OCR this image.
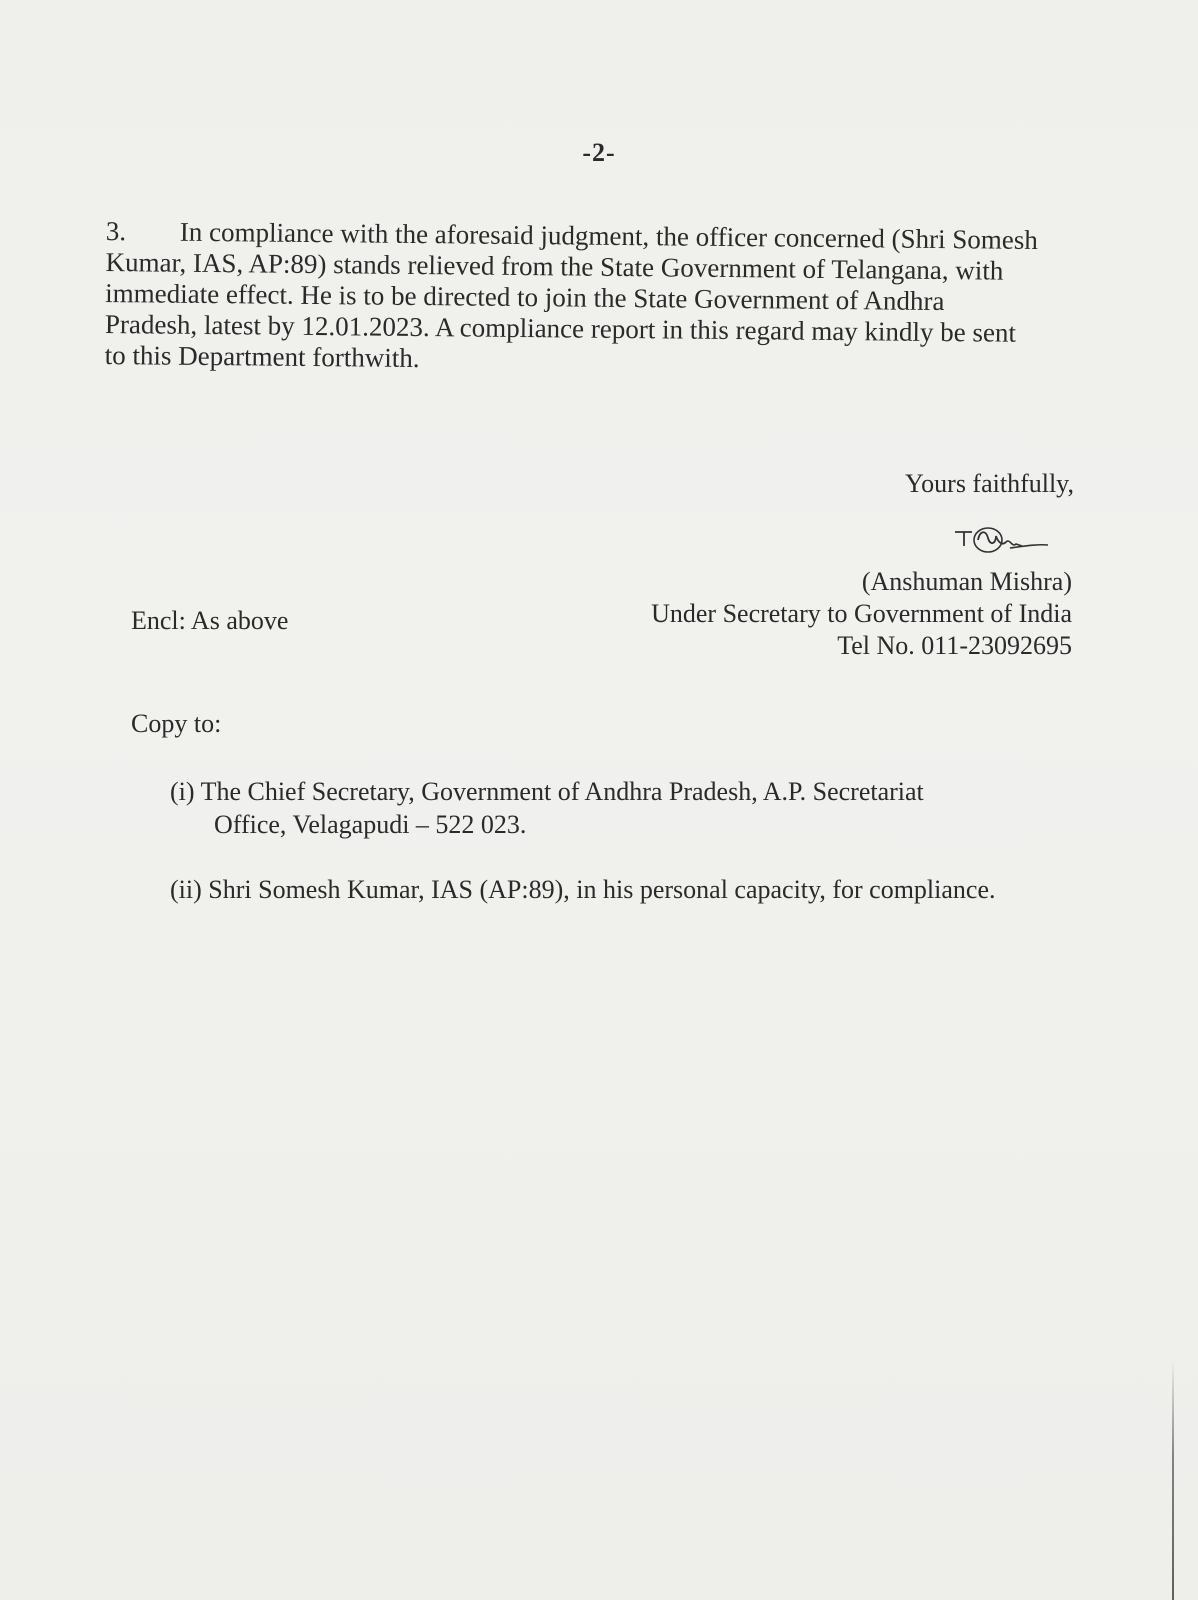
-2-
3. In compliance with the aforesaid judgment, the officer concerned (Shri Somesh
Kumar, IAS, AP:89) stands relieved from the State Government of Telangana, with
immediate effect. He is to be directed to join the State Government of Andhra
Pradesh, latest by 12.01.2023. A compliance report in this regard may kindly be sent
to this Department forthwith.
Yours faithfully,
(Anshuman Mishra)
Under Secretary to Government of India
Tel No. 011-23092695
Encl: As above
Copy to:
(i) The Chief Secretary, Government of Andhra Pradesh, A.P. Secretariat
Office, Velagapudi – 522 023.
(ii) Shri Somesh Kumar, IAS (AP:89), in his personal capacity, for compliance.
